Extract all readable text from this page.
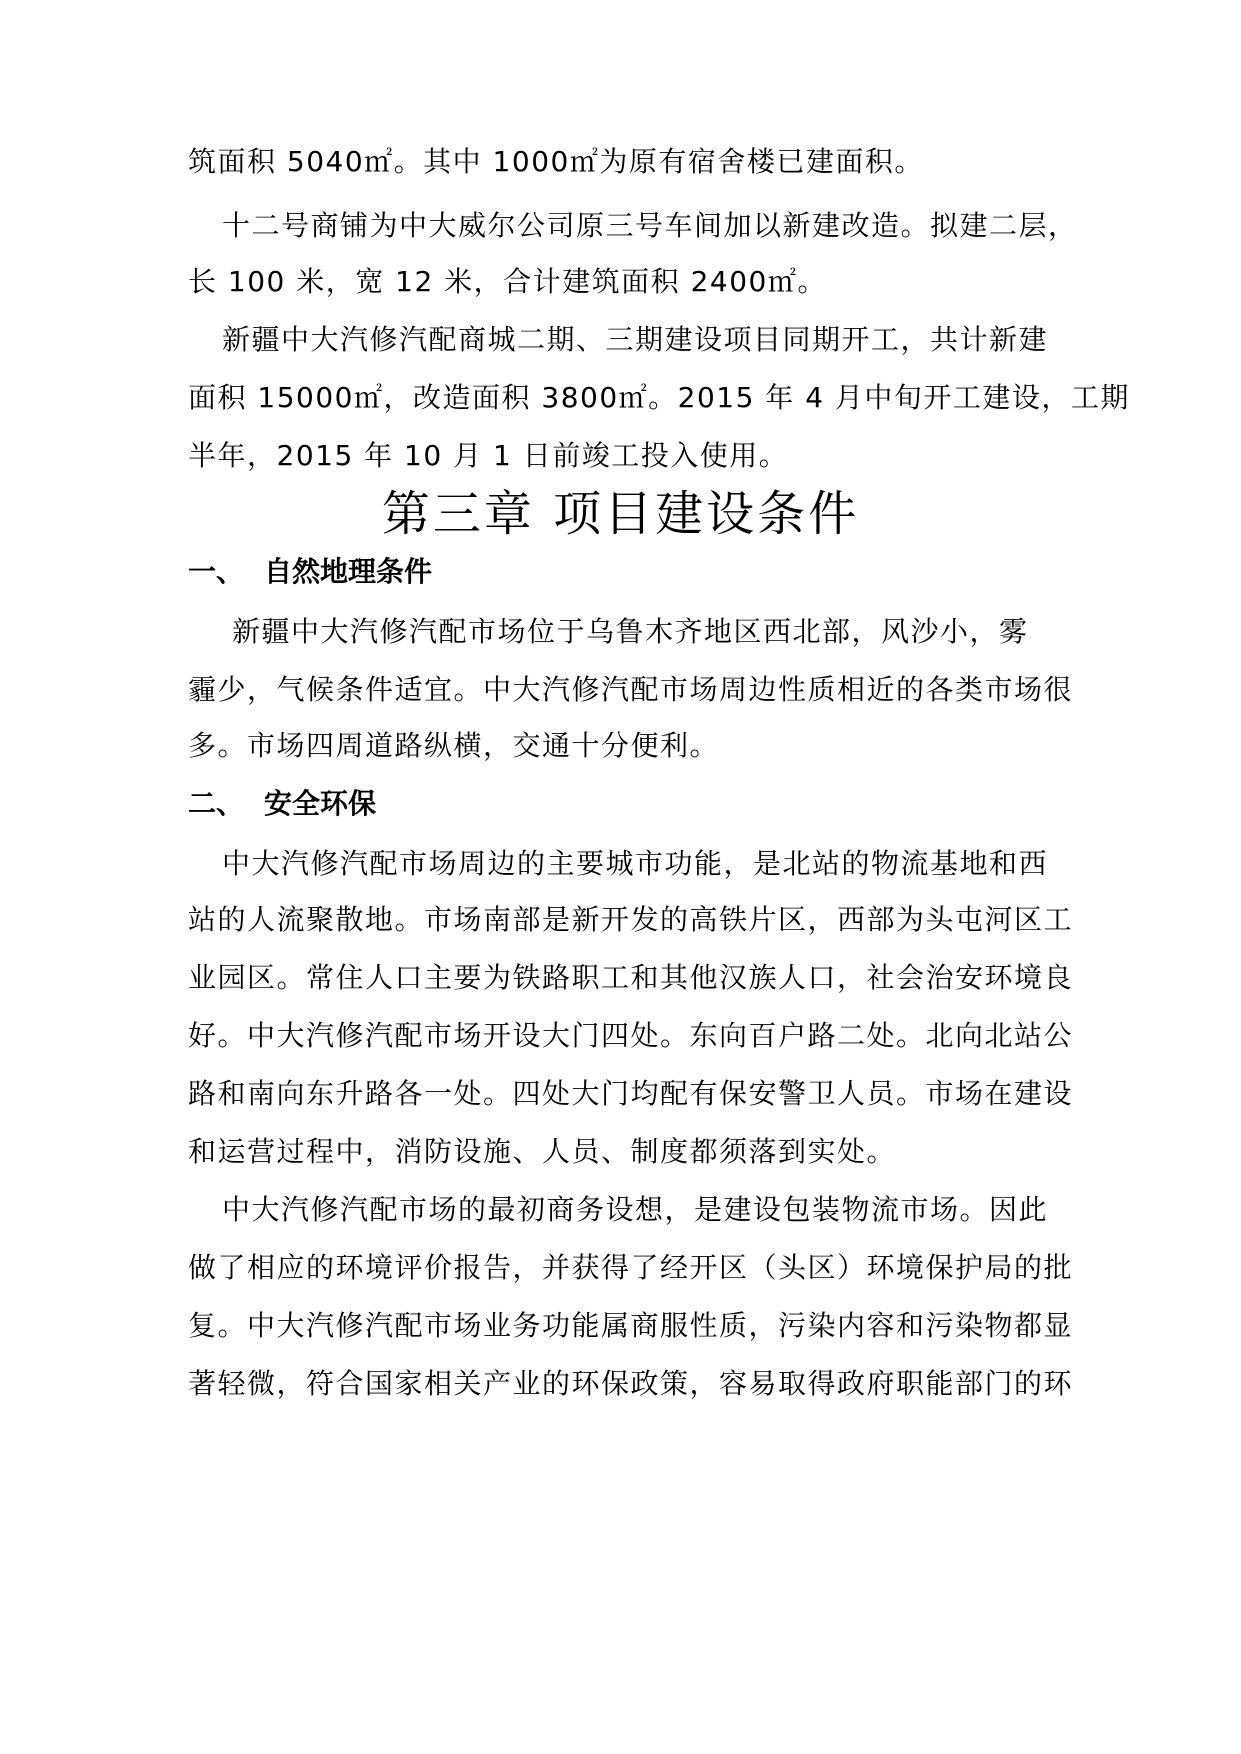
筑面积 5040㎡。其中 1000㎡为原有宿舍楼已建面积。
十二号商铺为中大威尔公司原三号车间加以新建改造。拟建二层，
长 100 米，宽 12 米，合计建筑面积 2400㎡。
新疆中大汽修汽配商城二期、三期建设项目同期开工，共计新建
面积 15000㎡，改造面积 3800㎡。2015 年 4 月中旬开工建设，工期
半年，2015 年 10 月 1 日前竣工投入使用。
第三章 项目建设条件
一、 自然地理条件
新疆中大汽修汽配市场位于乌鲁木齐地区西北部，风沙小，雾
霾少，气候条件适宜。中大汽修汽配市场周边性质相近的各类市场很
多。市场四周道路纵横，交通十分便利。
二、 安全环保
中大汽修汽配市场周边的主要城市功能，是北站的物流基地和西
站的人流聚散地。市场南部是新开发的高铁片区，西部为头屯河区工
业园区。常住人口主要为铁路职工和其他汉族人口，社会治安环境良
好。中大汽修汽配市场开设大门四处。东向百户路二处。北向北站公
路和南向东升路各一处。四处大门均配有保安警卫人员。市场在建设
和运营过程中，消防设施、人员、制度都须落到实处。
中大汽修汽配市场的最初商务设想，是建设包装物流市场。因此
做了相应的环境评价报告，并获得了经开区（头区）环境保护局的批
复。中大汽修汽配市场业务功能属商服性质，污染内容和污染物都显
著轻微，符合国家相关产业的环保政策，容易取得政府职能部门的环
